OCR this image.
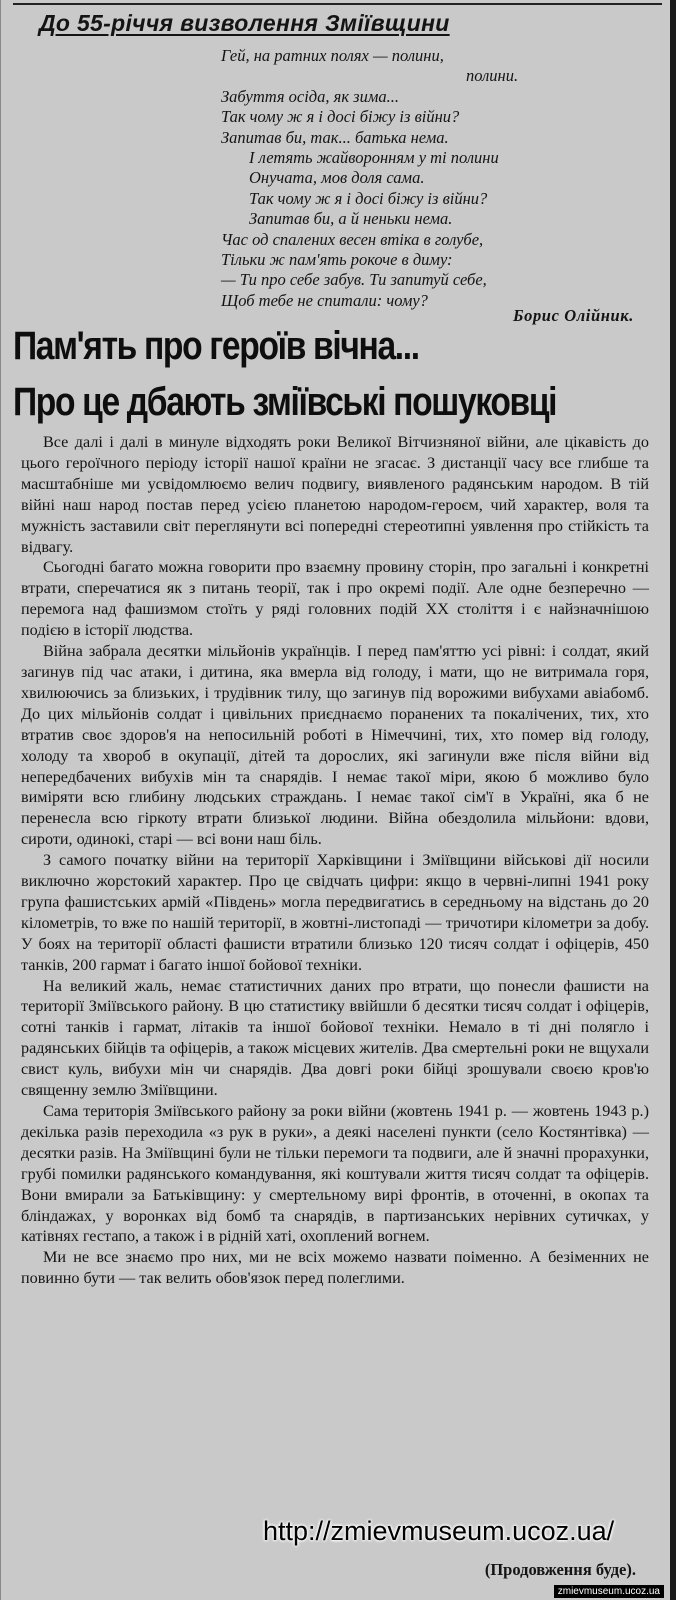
До 55-річчя визволення Зміївщини
Гей, на ратних полях — полини,
полини.
Забуття осіда, як зима...
Так чому ж я і досі біжу із війни?
Запитав би, так... батька нема.
І летять жайворонням у ті полини
Онучата, мов доля сама.
Так чому ж я і досі біжу із війни?
Запитав би, а й неньки нема.
Час од спалених весен втіка в голубе,
Тільки ж пам'ять рокоче в диму:
— Ти про себе забув. Ти запитуй себе,
Щоб тебе не спитали: чому?
Борис Олійник.
Пам'ять про героїв вічна...
Про це дбають зміївські пошуковці

Все далі і далі в минуле відходять роки Великої Вітчизняної війни, але цікавість до цього героїчного періоду історії нашої країни не згасає. З дистанції часу все глибше та масштабніше ми усвідомлюємо велич подвигу, виявленого радянським народом. В тій війні наш народ постав перед усією планетою народом-героєм, чий характер, воля та мужність заставили світ переглянути всі попередні стереотипні уявлення про стійкість та відвагу.

Сьогодні багато можна говорити про взаємну провину сторін, про загальні і конкретні втрати, сперечатися як з питань теорії, так і про окремі події. Але одне безперечно — перемога над фашизмом стоїть у ряді головних подій XX століття і є найзначнішою подією в історії людства.

Війна забрала десятки мільйонів українців. І перед пам'яттю усі рівні: і солдат, який загинув під час атаки, і дитина, яка вмерла від голоду, і мати, що не витримала горя, хвилюючись за близьких, і трудівник тилу, що загинув під ворожими вибухами авіабомб. До цих мільйонів солдат і цивільних приєднаємо поранених та покалічених, тих, хто втратив своє здоров'я на непосильній роботі в Німеччині, тих, хто помер від голоду, холоду та хвороб в окупації, дітей та дорослих, які загинули вже після війни від непередбачених вибухів мін та снарядів. І немає такої міри, якою б можливо було виміряти всю глибину людських страждань. І немає такої сім'ї в Україні, яка б не перенесла всю гіркоту втрати близької людини. Війна обездолила мільйони: вдови, сироти, одинокі, старі — всі вони наш біль.

З самого початку війни на території Харківщини і Зміївщини військові дії носили виключно жорстокий характер. Про це свідчать цифри: якщо в червні-липні 1941 року група фашистських армій «Південь» могла передвигатись в середньому на відстань до 20 кілометрів, то вже по нашій території, в жовтні-листопаді — тричотири кілометри за добу. У боях на території області фашисти втратили близько 120 тисяч солдат і офіцерів, 450 танків, 200 гармат і багато іншої бойової техніки.

На великий жаль, немає статистичних даних про втрати, що понесли фашисти на території Зміївського району. В цю статистику ввійшли б десятки тисяч солдат і офіцерів, сотні танків і гармат, літаків та іншої бойової техніки. Немало в ті дні полягло і радянських бійців та офіцерів, а також місцевих жителів. Два смертельні роки не вщухали свист куль, вибухи мін чи снарядів. Два довгі роки бійці зрошували своєю кров'ю священну землю Зміївщини.

Сама територія Зміївського району за роки війни (жовтень 1941 р. — жовтень 1943 р.) декілька разів переходила «з рук в руки», а деякі населені пункти (село Костянтівка) — десятки разів. На Зміївщині були не тільки перемоги та подвиги, але й значні прорахунки, грубі помилки радянського командування, які коштували життя тисяч солдат та офіцерів. Вони вмирали за Батьківщину: у смертельному вирі фронтів, в оточенні, в окопах та бліндажах, у воронках від бомб та снарядів, в партизанських нерівних сутичках, у катівнях гестапо, а також і в рідній хаті, охоплений вогнем.

Ми не все знаємо про них, ми не всіх можемо назвати поіменно. А безіменних не повинно бути — так велить обов'язок перед полеглими.

http://zmievmuseum.ucoz.ua/
(Продовження буде).
zmievmuseum.ucoz.ua
